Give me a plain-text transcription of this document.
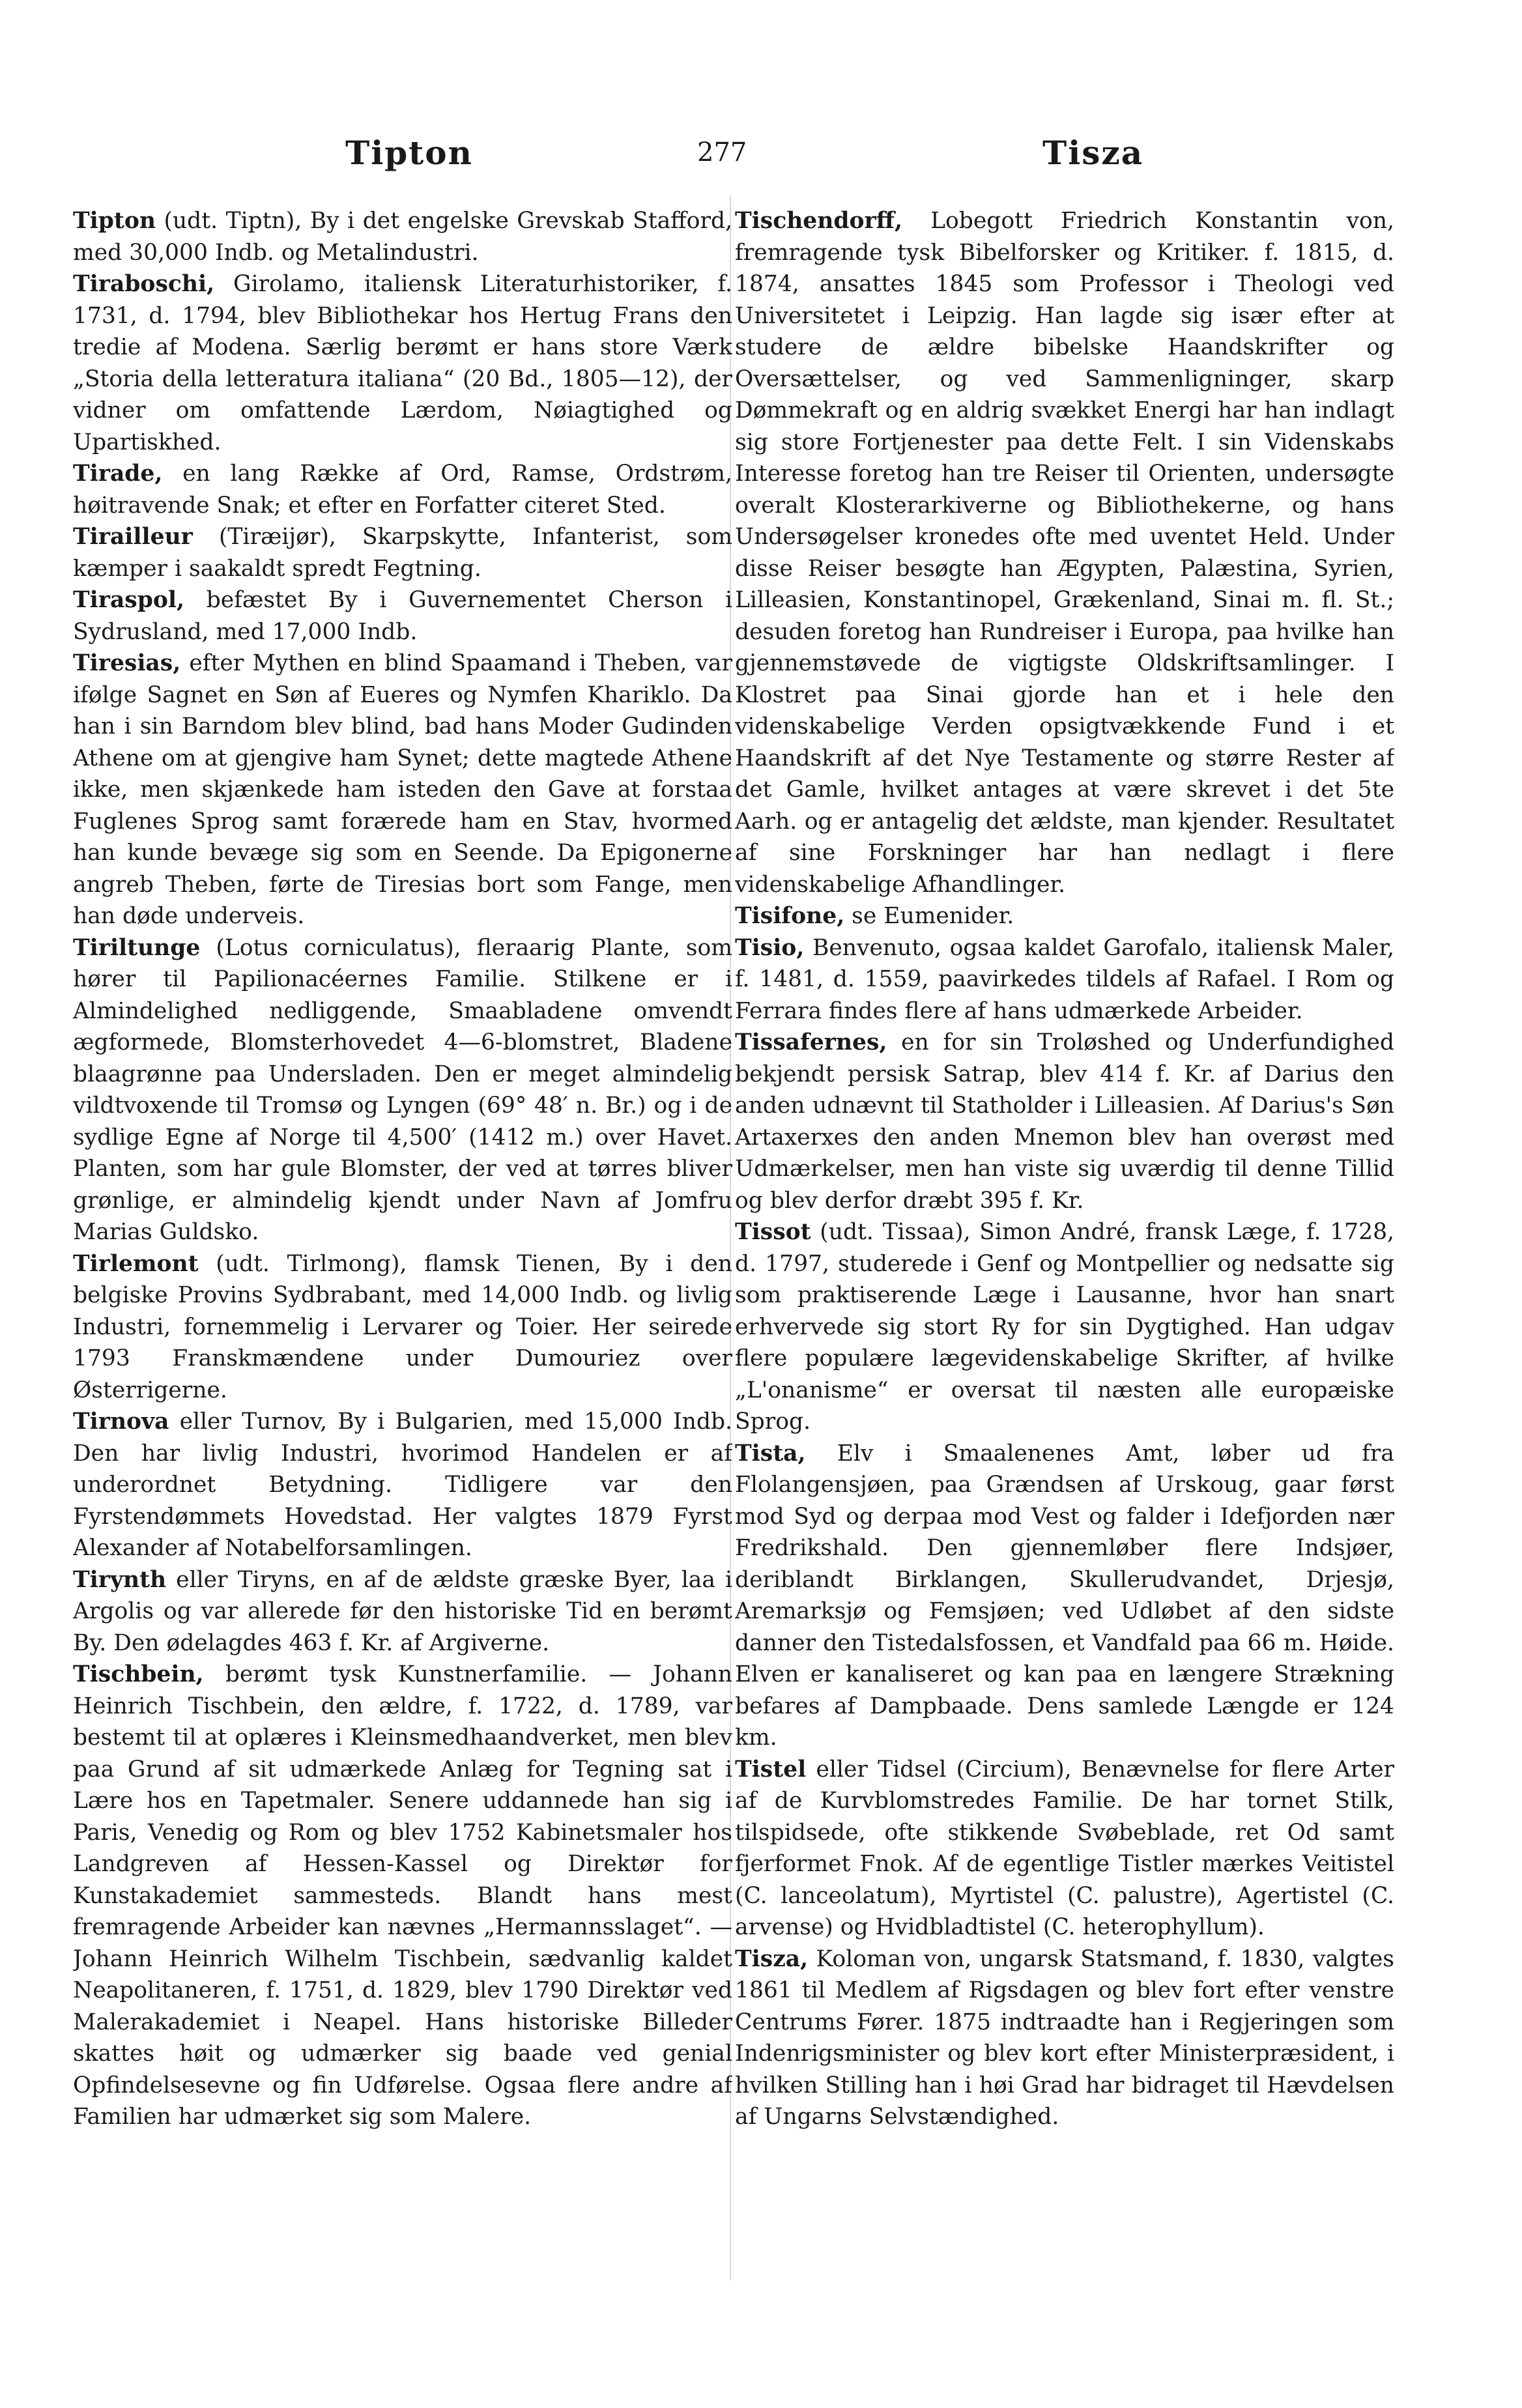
Tipton	277	Tisza

Tipton (udt. Tiptn), By i det engelske Grevskab Stafford, med 30,000 Indb. og Metalindustri.

Tiraboschi, Girolamo, italiensk Literaturhistoriker, f. 1731, d. 1794, blev Bibliothekar hos Hertug Frans den tredie af Modena. Særlig berømt er hans store Værk „Storia della letteratura italiana“ (20 Bd., 1805—12), der vidner om omfattende Lærdom, Nøiagtighed og Upartiskhed.

Tirade, en lang Række af Ord, Ramse, Ordstrøm, høitravende Snak; et efter en Forfatter citeret Sted.

Tirailleur (Tiræijør), Skarpskytte, Infanterist, som kæmper i saakaldt spredt Fegtning.

Tiraspol, befæstet By i Guvernementet Cherson i Sydrusland, med 17,000 Indb.

Tiresias, efter Mythen en blind Spaamand i Theben, var ifølge Sagnet en Søn af Eueres og Nymfen Khariklo. Da han i sin Barndom blev blind, bad hans Moder Gudinden Athene om at gjengive ham Synet; dette magtede Athene ikke, men skjænkede ham isteden den Gave at forstaa Fuglenes Sprog samt forærede ham en Stav, hvormed han kunde bevæge sig som en Seende. Da Epigonerne angreb Theben, førte de Tiresias bort som Fange, men han døde underveis.

Tiriltunge (Lotus corniculatus), fleraarig Plante, som hører til Papilionacéernes Familie. Stilkene er i Almindelighed nedliggende, Smaabladene omvendt ægformede, Blomsterhovedet 4—6-blomstret, Bladene blaagrønne paa Undersladen. Den er meget almindelig vildtvoxende til Tromsø og Lyngen (69° 48′ n. Br.) og i de sydlige Egne af Norge til 4,500′ (1412 m.) over Havet. Planten, som har gule Blomster, der ved at tørres bliver grønlige, er almindelig kjendt under Navn af Jomfru Marias Guldsko.

Tirlemont (udt. Tirlmong), flamsk Tienen, By i den belgiske Provins Sydbrabant, med 14,000 Indb. og livlig Industri, fornemmelig i Lervarer og Toier. Her seirede 1793 Franskmændene under Dumouriez over Østerrigerne.

Tirnova eller Turnov, By i Bulgarien, med 15,000 Indb. Den har livlig Industri, hvorimod Handelen er af underordnet Betydning. Tidligere var den Fyrstendømmets Hovedstad. Her valgtes 1879 Fyrst Alexander af Notabelforsamlingen.

Tirynth eller Tiryns, en af de ældste græske Byer, laa i Argolis og var allerede før den historiske Tid en berømt By. Den ødelagdes 463 f. Kr. af Argiverne.

Tischbein, berømt tysk Kunstnerfamilie. — Johann Heinrich Tischbein, den ældre, f. 1722, d. 1789, var bestemt til at oplæres i Kleinsmedhaandverket, men blev paa Grund af sit udmærkede Anlæg for Tegning sat i Lære hos en Tapetmaler. Senere uddannede han sig i Paris, Venedig og Rom og blev 1752 Kabinetsmaler hos Landgreven af Hessen-Kassel og Direktør for Kunstakademiet sammesteds. Blandt hans mest fremragende Arbeider kan nævnes „Hermannsslaget“. — Johann Heinrich Wilhelm Tischbein, sædvanlig kaldet Neapolitaneren, f. 1751, d. 1829, blev 1790 Direktør ved Malerakademiet i Neapel. Hans historiske Billeder skattes høit og udmærker sig baade ved genial Opfindelsesevne og fin Udførelse. Ogsaa flere andre af Familien har udmærket sig som Malere.

Tischendorff, Lobegott Friedrich Konstantin von, fremragende tysk Bibelforsker og Kritiker. f. 1815, d. 1874, ansattes 1845 som Professor i Theologi ved Universitetet i Leipzig. Han lagde sig især efter at studere de ældre bibelske Haandskrifter og Oversættelser, og ved Sammenligninger, skarp Dømmekraft og en aldrig svækket Energi har han indlagt sig store Fortjenester paa dette Felt. I sin Videnskabs Interesse foretog han tre Reiser til Orienten, undersøgte overalt Klosterarkiverne og Bibliothekerne, og hans Undersøgelser kronedes ofte med uventet Held. Under disse Reiser besøgte han Ægypten, Palæstina, Syrien, Lilleasien, Konstantinopel, Grækenland, Sinai m. fl. St.; desuden foretog han Rundreiser i Europa, paa hvilke han gjennemstøvede de vigtigste Oldskriftsamlinger. I Klostret paa Sinai gjorde han et i hele den videnskabelige Verden opsigtvækkende Fund i et Haandskrift af det Nye Testamente og større Rester af det Gamle, hvilket antages at være skrevet i det 5te Aarh. og er antagelig det ældste, man kjender. Resultatet af sine Forskninger har han nedlagt i flere videnskabelige Afhandlinger.

Tisifone, se Eumenider.

Tisio, Benvenuto, ogsaa kaldet Garofalo, italiensk Maler, f. 1481, d. 1559, paavirkedes tildels af Rafael. I Rom og Ferrara findes flere af hans udmærkede Arbeider.

Tissafernes, en for sin Troløshed og Underfundighed bekjendt persisk Satrap, blev 414 f. Kr. af Darius den anden udnævnt til Statholder i Lilleasien. Af Darius's Søn Artaxerxes den anden Mnemon blev han overøst med Udmærkelser, men han viste sig uværdig til denne Tillid og blev derfor dræbt 395 f. Kr.

Tissot (udt. Tissaa), Simon André, fransk Læge, f. 1728, d. 1797, studerede i Genf og Montpellier og nedsatte sig som praktiserende Læge i Lausanne, hvor han snart erhvervede sig stort Ry for sin Dygtighed. Han udgav flere populære lægevidenskabelige Skrifter, af hvilke „L'onanisme“ er oversat til næsten alle europæiske Sprog.

Tista, Elv i Smaalenenes Amt, løber ud fra Flolangensjøen, paa Grændsen af Urskoug, gaar først mod Syd og derpaa mod Vest og falder i Idefjorden nær Fredrikshald. Den gjennemløber flere Indsjøer, deriblandt Birklangen, Skullerudvandet, Drjesjø, Aremarksjø og Femsjøen; ved Udløbet af den sidste danner den Tistedalsfossen, et Vandfald paa 66 m. Høide. Elven er kanaliseret og kan paa en længere Strækning befares af Dampbaade. Dens samlede Længde er 124 km.

Tistel eller Tidsel (Circium), Benævnelse for flere Arter af de Kurvblomstredes Familie. De har tornet Stilk, tilspidsede, ofte stikkende Svøbeblade, ret Od samt fjerformet Fnok. Af de egentlige Tistler mærkes Veitistel (C. lanceolatum), Myrtistel (C. palustre), Agertistel (C. arvense) og Hvidbladtistel (C. heterophyllum).

Tisza, Koloman von, ungarsk Statsmand, f. 1830, valgtes 1861 til Medlem af Rigsdagen og blev fort efter venstre Centrums Fører. 1875 indtraadte han i Regjeringen som Indenrigsminister og blev kort efter Ministerpræsident, i hvilken Stilling han i høi Grad har bidraget til Hævdelsen af Ungarns Selvstændighed.
